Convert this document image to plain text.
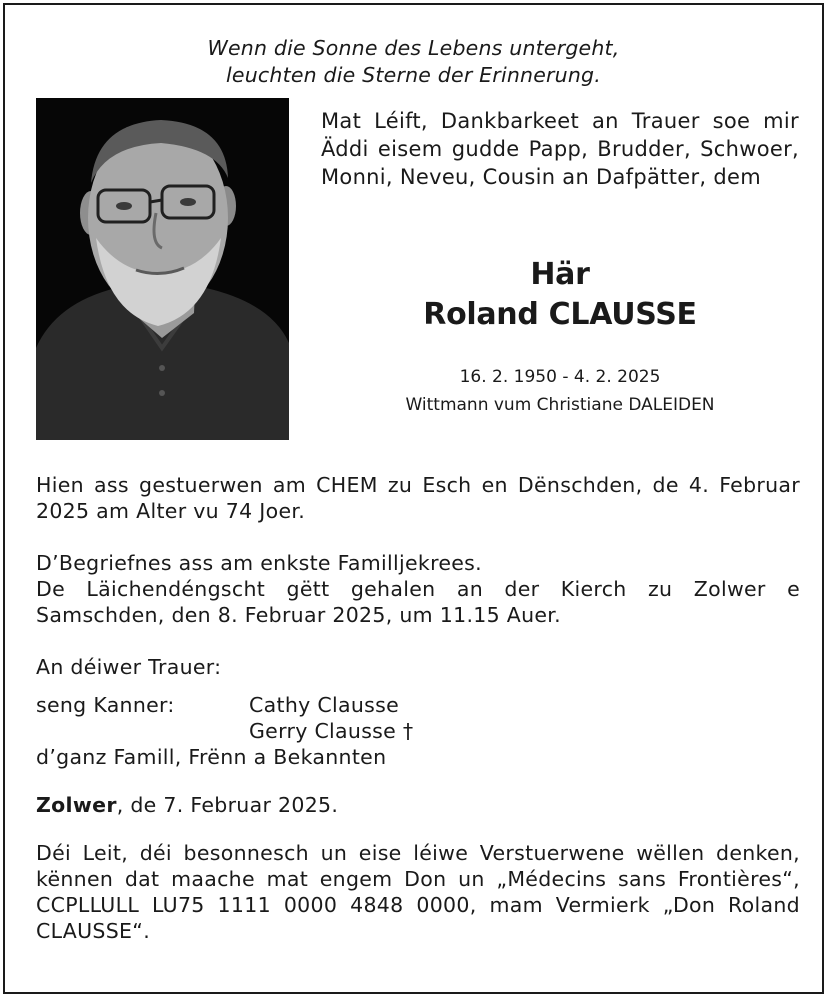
Wenn die Sonne des Lebens untergeht,
leuchten die Sterne der Erinnerung.

Mat Léift, Dankbarkeet an Trauer soe mir Äddi eisem gudde Papp, Brudder, Schwoer, Monni, Neveu, Cousin an Dafpätter, dem

Här
Roland CLAUSSE
16. 2. 1950 - 4. 2. 2025
Wittmann vum Christiane DALEIDEN

Hien ass gestuerwen am CHEM zu Esch en Dënschden, de 4. Februar 2025 am Alter vu 74 Joer.

D’Begriefnes ass am enkste Familljekrees.

De Läichendéngscht gëtt gehalen an der Kierch zu Zolwer e Samschden, den 8. Februar 2025, um 11.15 Auer.

An déiwer Trauer:

seng Kanner:	Cathy Clausse
Gerry Clausse †

d’ganz Famill, Frënn a Bekannten

Zolwer, de 7. Februar 2025.

Déi Leit, déi besonnesch un eise léiwe Verstuerwene wëllen denken, kënnen dat maache mat engem Don un „Médecins sans Frontières“, CCPLLULL LU75 1111 0000 4848 0000, mam Vermierk „Don Roland CLAUSSE“.
